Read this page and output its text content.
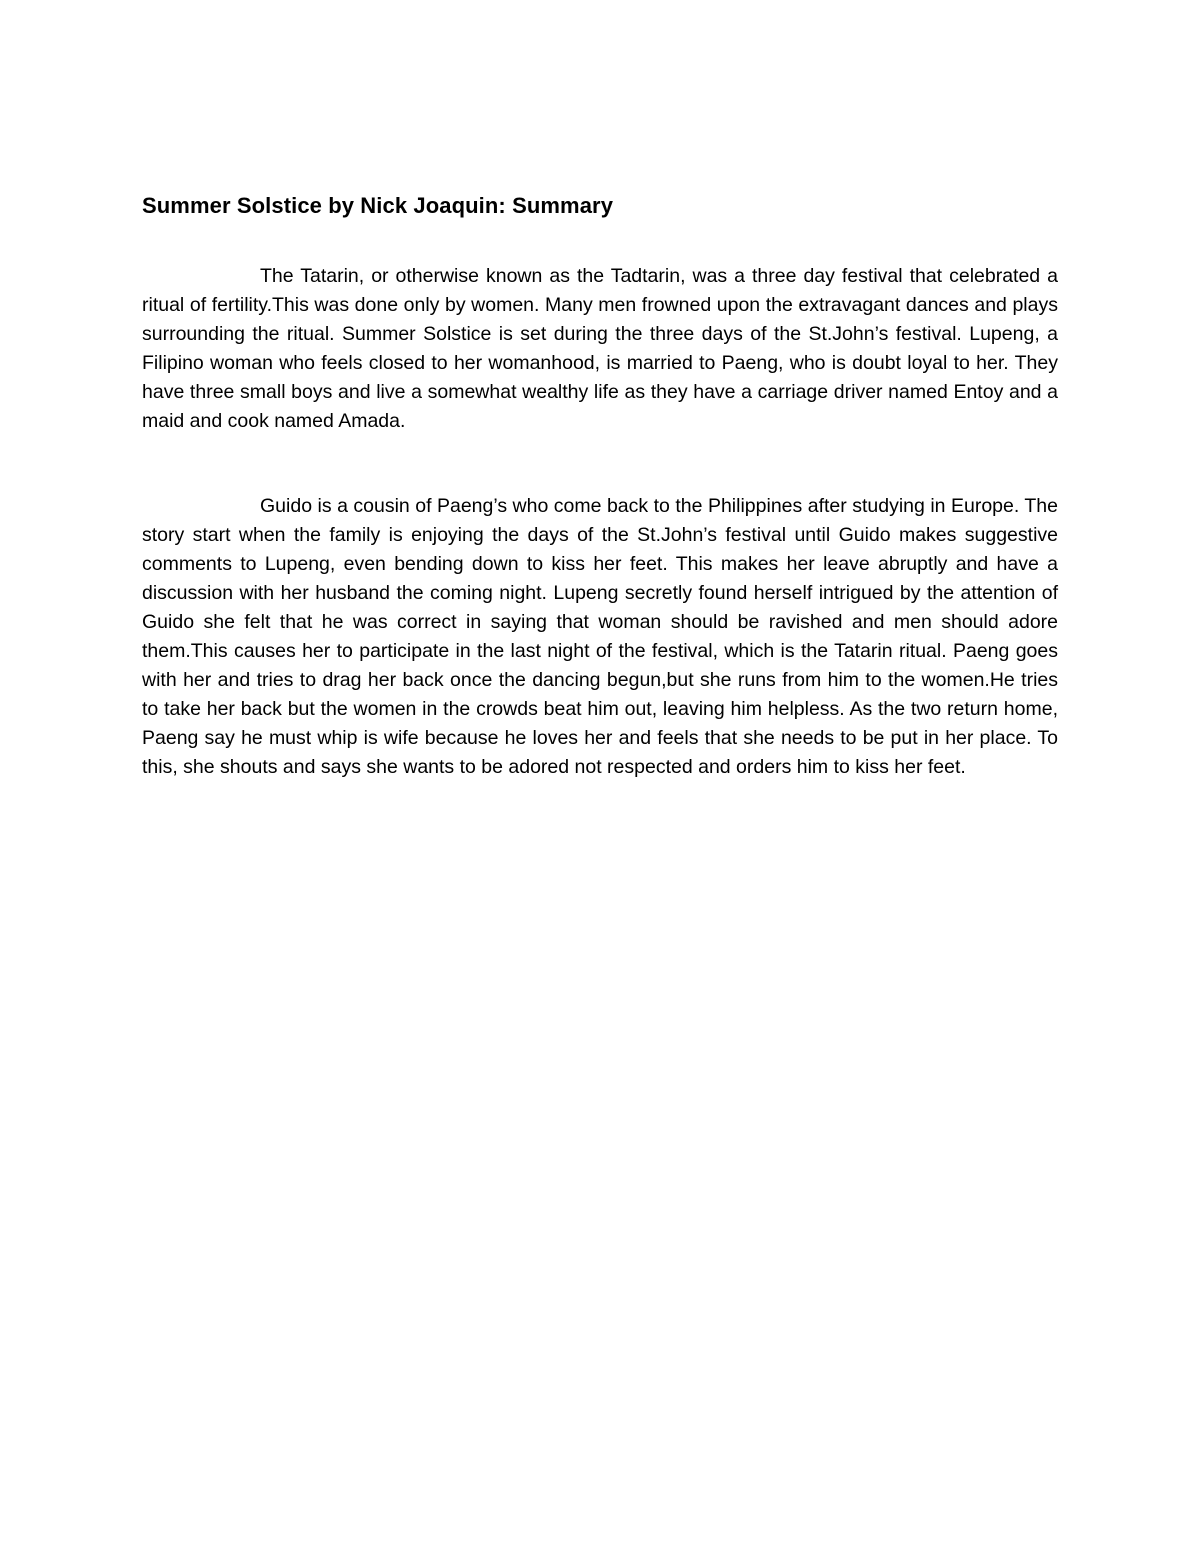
Summer Solstice by Nick Joaquin: Summary

The Tatarin, or otherwise known as the Tadtarin, was a three day festival that celebrated a ritual of fertility.This was done only by women. Many men frowned upon the extravagant dances and plays surrounding the ritual. Summer Solstice is set during the three days of the St.John’s festival. Lupeng, a Filipino woman who feels closed to her womanhood, is married to Paeng, who is doubt loyal to her. They have three small boys and live a somewhat wealthy life as they have a carriage driver named Entoy and a maid and cook named Amada.

Guido is a cousin of Paeng’s who come back to the Philippines after studying in Europe. The story start when the family is enjoying the days of the St.John’s festival until Guido makes suggestive comments to Lupeng, even bending down to kiss her feet. This makes her leave abruptly and have a discussion with her husband the coming night. Lupeng secretly found herself intrigued by the attention of Guido she felt that he was correct in saying that woman should be ravished and men should adore them.This causes her to participate in the last night of the festival, which is the Tatarin ritual. Paeng goes with her and tries to drag her back once the dancing begun,but she runs from him to the women.He tries to take her back but the women in the crowds beat him out, leaving him helpless. As the two return home, Paeng say he must whip is wife because he loves her and feels that she needs to be put in her place. To this, she shouts and says she wants to be adored not respected and orders him to kiss her feet.
